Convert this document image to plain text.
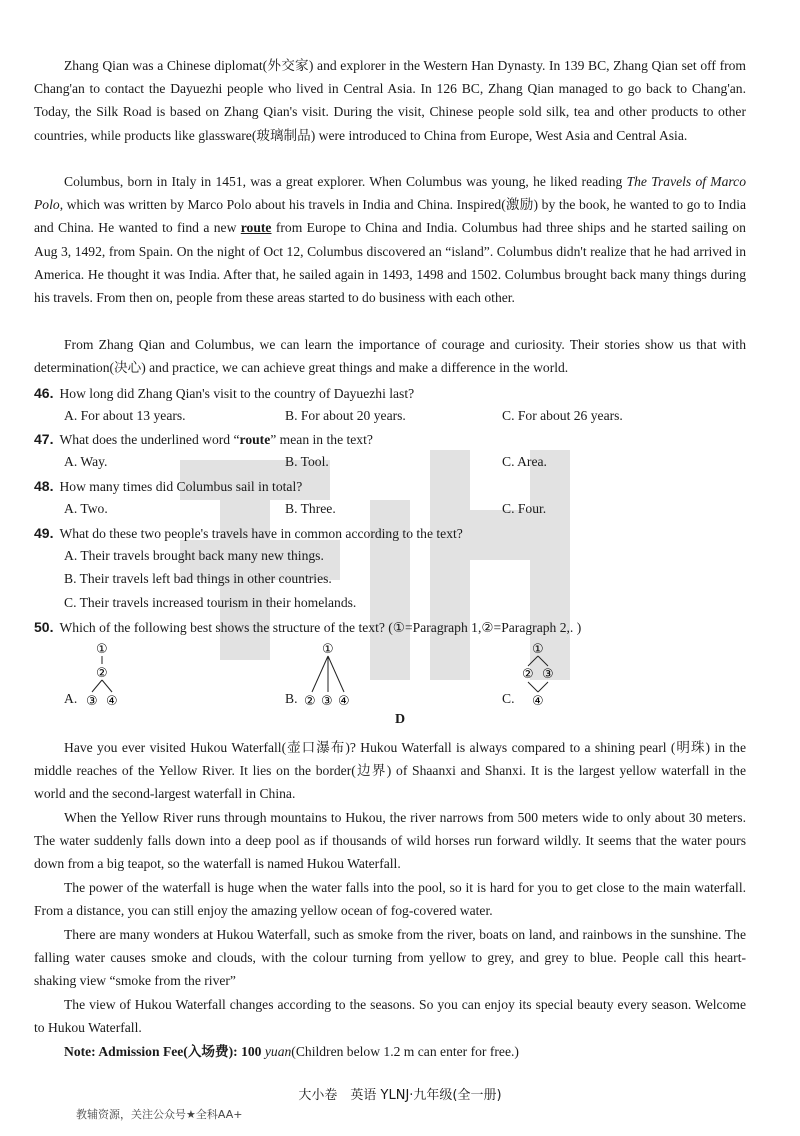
Zhang Qian was a Chinese diplomat(外交家) and explorer in the Western Han Dynasty. In 139 BC, Zhang Qian set off from Chang'an to contact the Dayuezhi people who lived in Central Asia. In 126 BC, Zhang Qian managed to go back to Chang'an. Today, the Silk Road is based on Zhang Qian's visit. During the visit, Chinese people sold silk, tea and other products to other countries, while products like glassware(玻璃制品) were introduced to China from Europe, West Asia and Central Asia.

Columbus, born in Italy in 1451, was a great explorer. When Columbus was young, he liked reading The Travels of Marco Polo, which was written by Marco Polo about his travels in India and China. Inspired(激励) by the book, he wanted to go to India and China. He wanted to find a new route from Europe to China and India. Columbus had three ships and he started sailing on Aug 3, 1492, from Spain. On the night of Oct 12, Columbus discovered an “island”. Columbus didn't realize that he had arrived in America. He thought it was India. After that, he sailed again in 1493, 1498 and 1502. Columbus brought back many things during his travels. From then on, people from these areas started to do business with each other.

From Zhang Qian and Columbus, we can learn the importance of courage and curiosity. Their stories show us that with determination(决心) and practice, we can achieve great things and make a difference in the world.

46. How long did Zhang Qian's visit to the country of Dayuezhi last?
A. For about 13 years.	B. For about 20 years.	C. For about 26 years.
47. What does the underlined word “route” mean in the text?
A. Way.	B. Tool.	C. Area.
48. How many times did Columbus sail in total?
A. Two.	B. Three.	C. Four.
49. What do these two people's travels have in common according to the text?
A. Their travels brought back many new things.
B. Their travels left bad things in other countries.
C. Their travels increased tourism in their homelands.
50. Which of the following best shows the structure of the text? (①=Paragraph 1,②=Paragraph 2,. )
A.
①
②
③ ④	B.
①
② ③ ④	C.
①
② ③
④
D

Have you ever visited Hukou Waterfall(壶口瀑布)? Hukou Waterfall is always compared to a shining pearl (明珠) in the middle reaches of the Yellow River. It lies on the border(边界) of Shaanxi and Shanxi. It is the largest yellow waterfall in the world and the second-largest waterfall in China.

When the Yellow River runs through mountains to Hukou, the river narrows from 500 meters wide to only about 30 meters. The water suddenly falls down into a deep pool as if thousands of wild horses run forward wildly. It seems that the water pours down from a big teapot, so the waterfall is named Hukou Waterfall.

The power of the waterfall is huge when the water falls into the pool, so it is hard for you to get close to the main waterfall. From a distance, you can still enjoy the amazing yellow ocean of fog-covered water.

There are many wonders at Hukou Waterfall, such as smoke from the river, boats on land, and rainbows in the sunshine. The falling water causes smoke and clouds, with the colour turning from yellow to grey, and grey to blue. People call this heart-shaking view “smoke from the river”

The view of Hukou Waterfall changes according to the seasons. So you can enjoy its special beauty every season. Welcome to Hukou Waterfall.

Note: Admission Fee(入场费): 100 yuan(Children below 1.2 m can enter for free.)

大小卷　英语 YLNJ·九年级(全一册)
教辅资源，关注公众号★全科AA+
